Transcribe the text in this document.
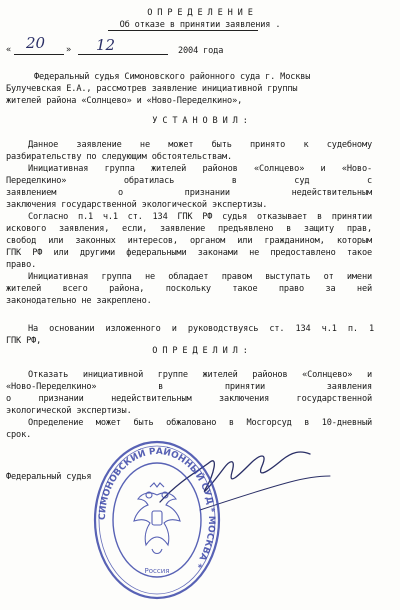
О П Р Е Д Е Л Е Н И Е
Об отказе в принятии заявления .
« 20 »	12	2004 года
Федеральный судья Симоновского районного суда г. Москвы
Булучевская Е.А., рассмотрев заявление инициативной группы
жителей района «Солнцево» и «Ново-Переделкино»,
У С Т А Н О В И Л :
Данное заявление не может быть принято к судебному
разбирательству по следующим обстоятельствам.
Инициативная группа жителей районов «Солнцево» и «Ново-
Переделкино» обратилась в суд с
заявлением о признании недействительным
заключения государственной экологической экспертизы.
Согласно п.1 ч.1 ст. 134 ГПК РФ судья отказывает в принятии
искового заявления, если, заявление предъявлено в защиту прав,
свобод или законных интересов, органом или гражданином, которым
ГПК РФ или другими федеральными законами не предоставлено такое
право.
Инициативная группа не обладает правом выступать от имени
жителей всего района, поскольку такое право за ней
законодательно не закреплено.
На основании изложенного и руководствуясь ст. 134 ч.1 п. 1
ГПК РФ,
О П Р Е Д Е Л И Л :
Отказать инициативной группе жителей районов «Солнцево» и
«Ново-Переделкино» в принятии заявления
о признании недействительным заключения государственной
экологической экспертизы.
Определение может быть обжаловано в Мосгорсуд в 10-дневный
срок.
Федеральный судья
СИМОНОВСКИЙ РАЙОННЫЙ СУД * МОСКВА *
Россия
